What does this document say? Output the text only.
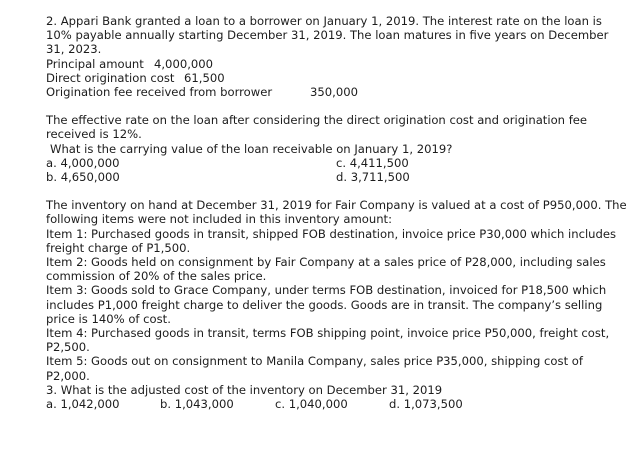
2. Appari Bank granted a loan to a borrower on January 1, 2019. The interest rate on the loan is 10% payable annually starting December 31, 2019. The loan matures in five years on December 31, 2023.

Principal amount 4,000,000
Direct origination cost 61,500
Origination fee received from borrower	350,000

The effective rate on the loan after considering the direct origination cost and origination fee received is 12%.

What is the carrying value of the loan receivable on January 1, 2019?

a. 4,000,000	c. 4,411,500
b. 4,650,000	d. 3,711,500

The inventory on hand at December 31, 2019 for Fair Company is valued at a cost of P950,000. The following items were not included in this inventory amount:

Item 1: Purchased goods in transit, shipped FOB destination, invoice price P30,000 which includes freight charge of P1,500.

Item 2: Goods held on consignment by Fair Company at a sales price of P28,000, including sales commission of 20% of the sales price.

Item 3: Goods sold to Grace Company, under terms FOB destination, invoiced for P18,500 which includes P1,000 freight charge to deliver the goods. Goods are in transit. The company’s selling price is 140% of cost.

Item 4: Purchased goods in transit, terms FOB shipping point, invoice price P50,000, freight cost, P2,500.

Item 5: Goods out on consignment to Manila Company, sales price P35,000, shipping cost of P2,000.

3. What is the adjusted cost of the inventory on December 31, 2019

a. 1,042,000	b. 1,043,000	c. 1,040,000	d. 1,073,500
